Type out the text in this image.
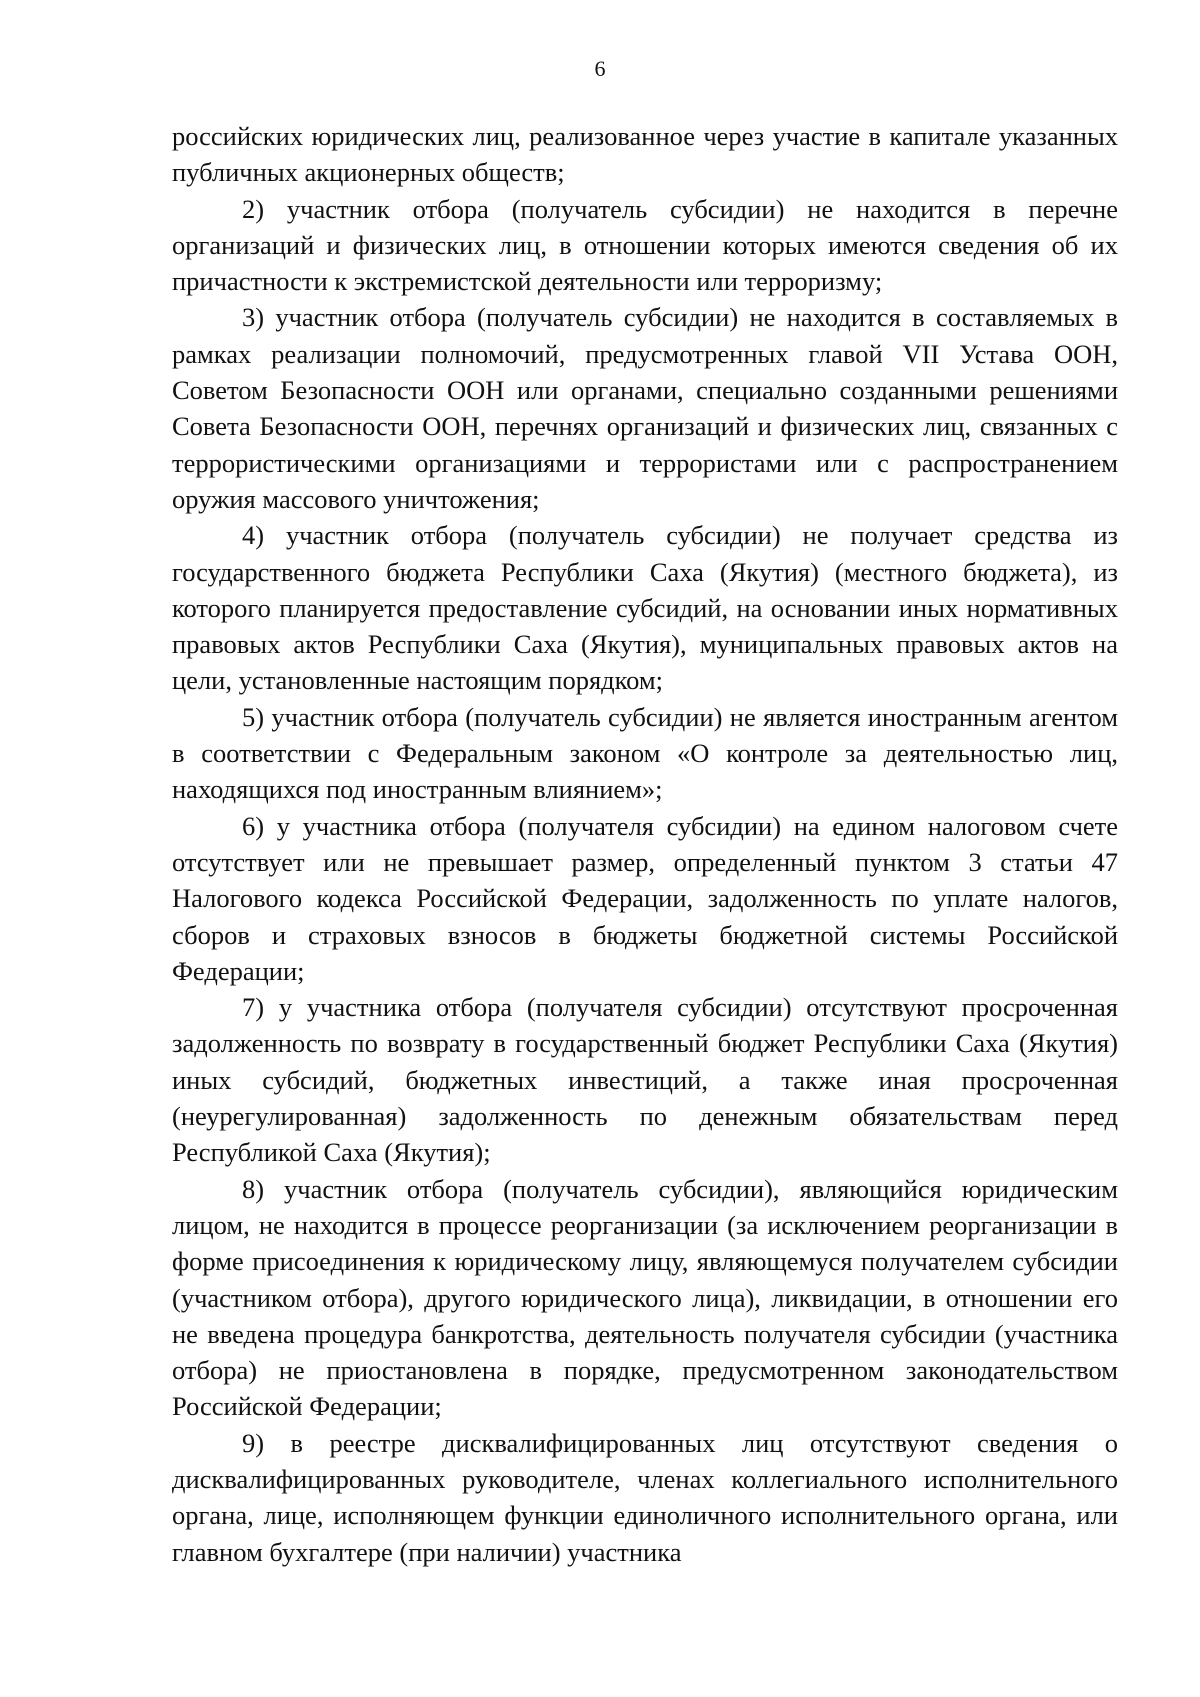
6

российских юридических лиц, реализованное через участие в капитале указанных публичных акционерных обществ;

2) участник отбора (получатель субсидии) не находится в перечне организаций и физических лиц, в отношении которых имеются сведения об их причастности к экстремистской деятельности или терроризму;

3) участник отбора (получатель субсидии) не находится в составляемых в рамках реализации полномочий, предусмотренных главой VII Устава ООН, Советом Безопасности ООН или органами, специально созданными решениями Совета Безопасности ООН, перечнях организаций и физических лиц, связанных с террористическими организациями и террористами или с распространением оружия массового уничтожения;

4) участник отбора (получатель субсидии) не получает средства из государственного бюджета Республики Саха (Якутия) (местного бюджета), из которого планируется предоставление субсидий, на основании иных нормативных правовых актов Республики Саха (Якутия), муниципальных правовых актов на цели, установленные настоящим порядком;

5) участник отбора (получатель субсидии) не является иностранным агентом в соответствии с Федеральным законом «О контроле за деятельностью лиц, находящихся под иностранным влиянием»;

6) у участника отбора (получателя субсидии) на едином налоговом счете отсутствует или не превышает размер, определенный пунктом 3 статьи 47 Налогового кодекса Российской Федерации, задолженность по уплате налогов, сборов и страховых взносов в бюджеты бюджетной системы Российской Федерации;

7) у участника отбора (получателя субсидии) отсутствуют просроченная задолженность по возврату в государственный бюджет Республики Саха (Якутия) иных субсидий, бюджетных инвестиций, а также иная просроченная (неурегулированная) задолженность по денежным обязательствам перед Республикой Саха (Якутия);

8) участник отбора (получатель субсидии), являющийся юридическим лицом, не находится в процессе реорганизации (за исключением реорганизации в форме присоединения к юридическому лицу, являющемуся получателем субсидии (участником отбора), другого юридического лица), ликвидации, в отношении его не введена процедура банкротства, деятельность получателя субсидии (участника отбора) не приостановлена в порядке, предусмотренном законодательством Российской Федерации;

9) в реестре дисквалифицированных лиц отсутствуют сведения о дисквалифицированных руководителе, членах коллегиального исполнительного органа, лице, исполняющем функции единоличного исполнительного органа, или главном бухгалтере (при наличии) участника
